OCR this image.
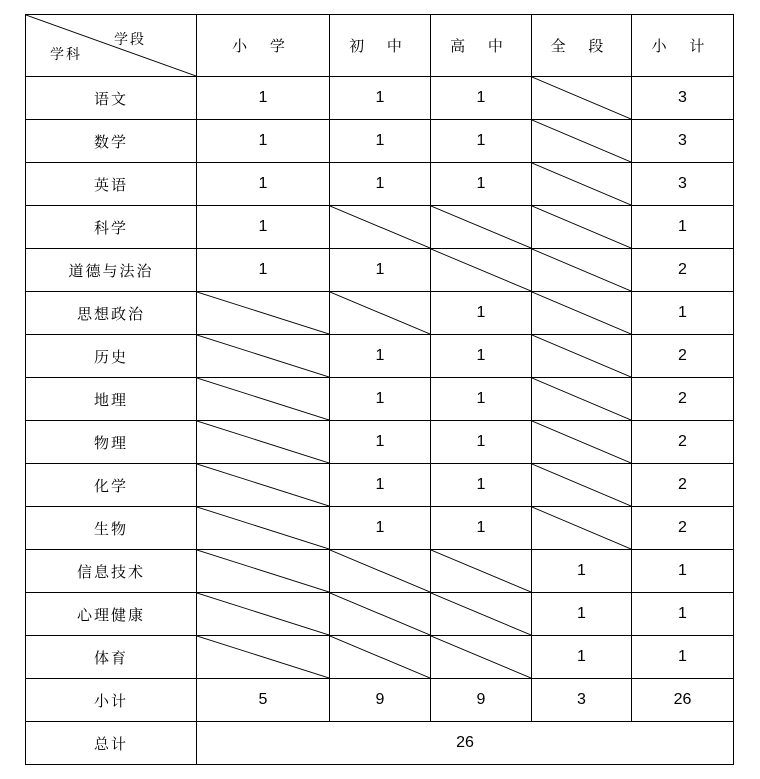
学段
学科	小 学	初 中	高 中	全 段	小 计
语文	1	1	1		3
数学	1	1	1		3
英语	1	1	1		3
科学	1				1
道德与法治	1	1			2
思想政治			1		1
历史		1	1		2
地理		1	1		2
物理		1	1		2
化学		1	1		2
生物		1	1		2
信息技术				1	1
心理健康				1	1
体育				1	1
小计	5	9	9	3	26
总计	26				
